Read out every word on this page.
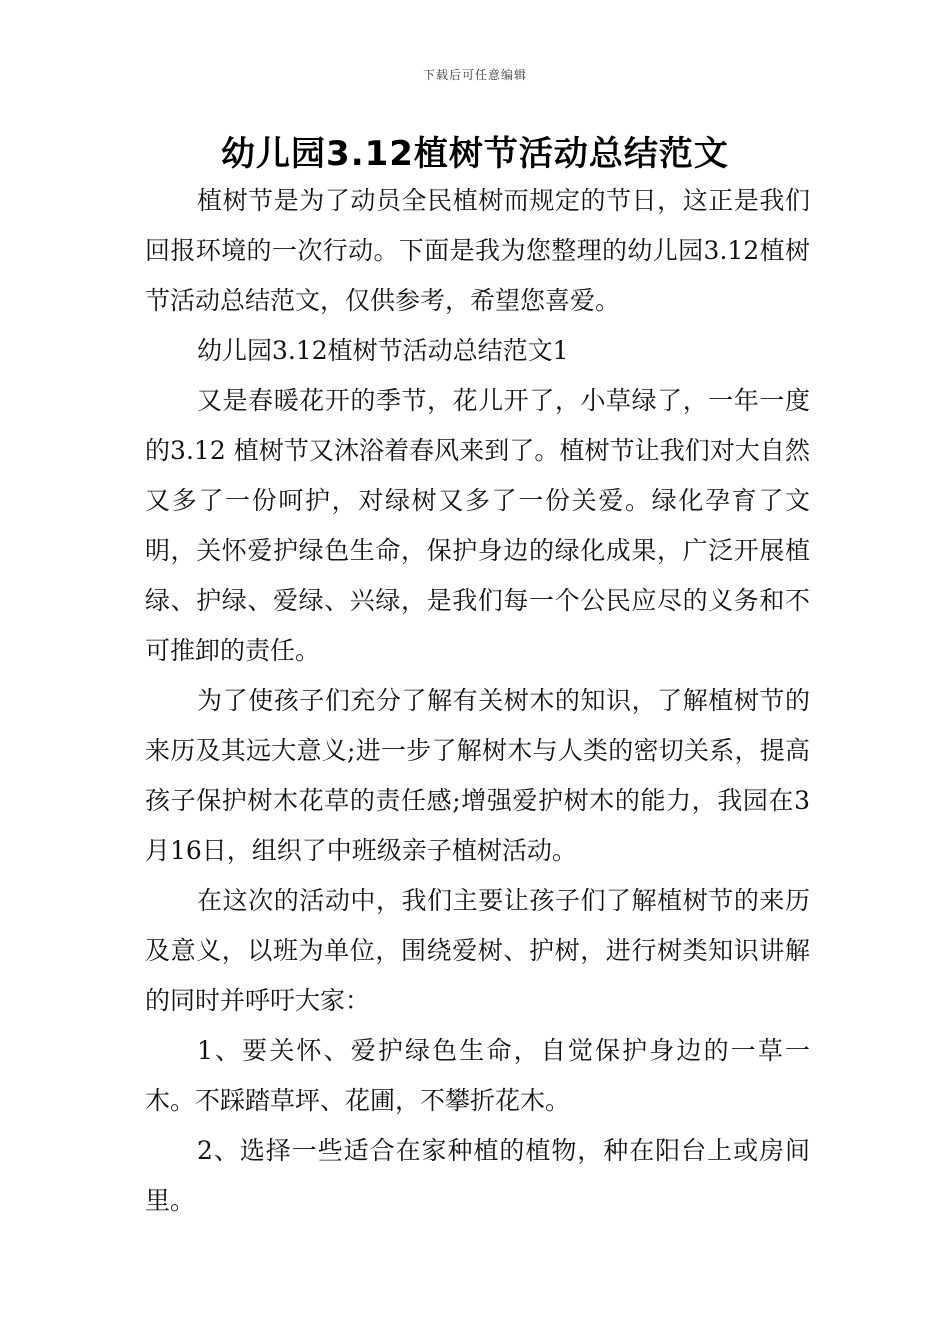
下载后可任意编辑
幼儿园3.12植树节活动总结范文

植树节是为了动员全民植树而规定的节日，这正是我们回报环境的一次行动。下面是我为您整理的幼儿园3.12植树节活动总结范文，仅供参考，希望您喜爱。

幼儿园3.12植树节活动总结范文1

又是春暖花开的季节，花儿开了，小草绿了，一年一度的3.12 植树节又沐浴着春风来到了。植树节让我们对大自然又多了一份呵护，对绿树又多了一份关爱。绿化孕育了文明，关怀爱护绿色生命，保护身边的绿化成果，广泛开展植绿、护绿、爱绿、兴绿，是我们每一个公民应尽的义务和不可推卸的责任。

为了使孩子们充分了解有关树木的知识，了解植树节的来历及其远大意义;进一步了解树木与人类的密切关系，提高孩子保护树木花草的责任感;增强爱护树木的能力，我园在3月16日，组织了中班级亲子植树活动。

在这次的活动中，我们主要让孩子们了解植树节的来历及意义，以班为单位，围绕爱树、护树，进行树类知识讲解的同时并呼吁大家：

1、要关怀、爱护绿色生命，自觉保护身边的一草一木。不踩踏草坪、花圃，不攀折花木。

2、选择一些适合在家种植的植物，种在阳台上或房间里。
